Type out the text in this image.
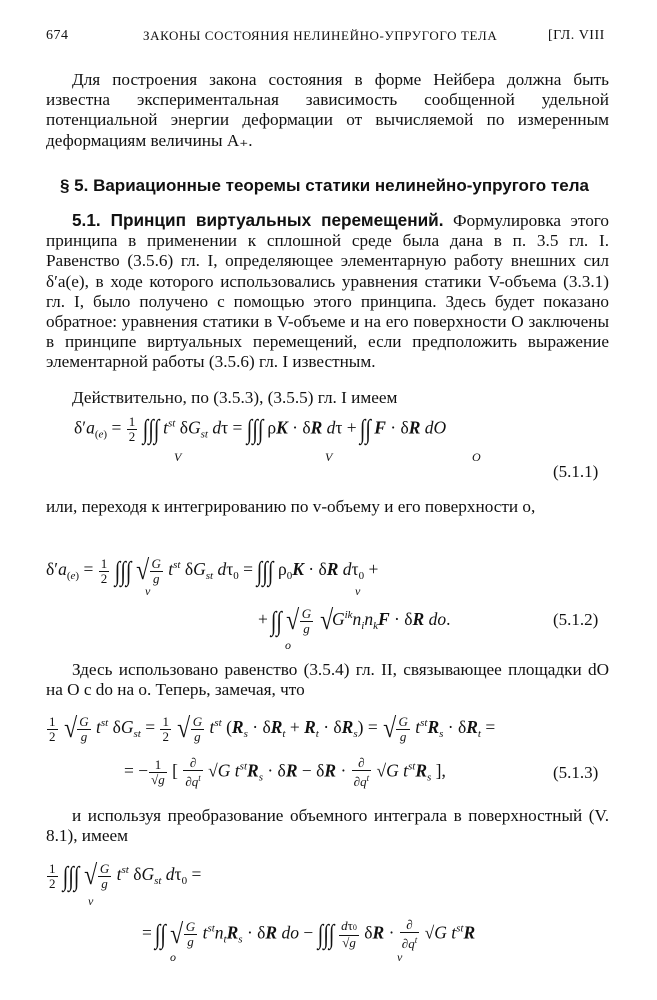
674	ЗАКОНЫ СОСТОЯНИЯ НЕЛИНЕЙНО-УПРУГОГО ТЕЛА	[ГЛ. VIII
Для построения закона состояния в форме Нейбера должна быть известна экспериментальная зависимость сообщенной удельной потенциальной энергии деформации от вычисляемой по измеренным деформациям величины A₊.
§ 5. Вариационные теоремы статики нелинейно-упругого тела
5.1. Принцип виртуальных перемещений. Формулировка этого принципа в применении к сплошной среде была дана в п. 3.5 гл. I. Равенство (3.5.6) гл. I, определяющее элементарную работу внешних сил δ′a(e), в ходе которого использовались уравнения статики V-объема (3.3.1) гл. I, было получено с помощью этого принципа. Здесь будет показано обратное: уравнения статики в V-объеме и на его поверхности O заключены в принципе виртуальных перемещений, если предположить выражение элементарной работы (3.5.6) гл. I известным.
Действительно, по (3.5.3), (3.5.5) гл. I имеем
$\delta'a_{(e)} = \frac{1}{2}$ ∫∫∫ $t^{st}$ $\delta G_{st}$ dτ = ∫∫∫ ρK · δR dτ + ∫∫ F · δR dO
V	V	O
(5.1.1)
или, переходя к интегрированию по v-объему и его поверхности o,
$\delta'a_{(e)} = \frac{1}{2}$ ∫∫∫ √ $\frac{G}{g} t^{st}$ $\delta G_{st}$ $d\tau_0$ = ∫∫∫ $\rho_0K \cdot \delta R$ $d\tau_0$ +
v	v
+ ∫∫ √ $\frac{G}{g} √G^{ik}n_in_kF \cdot \delta R$ do.
o
(5.1.2)
Здесь использовано равенство (3.5.4) гл. II, связывающее площадки dO на O с do на o. Теперь, замечая, что
$\frac{1}{2}$ √ $\frac{G}{g} t^{st}$ $\delta G_{st} = \frac{1}{2}$ √ $\frac{G}{g} t^{st}$ $(R_s \cdot \delta R_t + R_t \cdot \delta R_s)$ = √ $\frac{G}{g} t^{st}R_s \cdot \delta R_t$ =
= − $\frac{1}{√g}$ [ $\frac{\partial}{\partial q^t} √G$ $t^{st}R_s \cdot \delta R - \delta R \cdot \frac{\partial}{\partial q^t} √G$ $t^{st}R_s$ ],	(5.1.3)
и используя преобразование объемного интеграла в поверхностный (V. 8.1), имеем
$\frac{1}{2}$ ∫∫∫ √ $\frac{G}{g} t^{st}$ $\delta G_{st}$ $d\tau_0$ =
v
= ∫∫ √ $\frac{G}{g} t^{st}n_tR_s \cdot \delta R$ do − ∫∫∫ $\frac{d\tau 0}{√g}$ $\delta R \cdot \frac{\partial}{\partial q^t} √G$ $t^{st}R$
o	v
